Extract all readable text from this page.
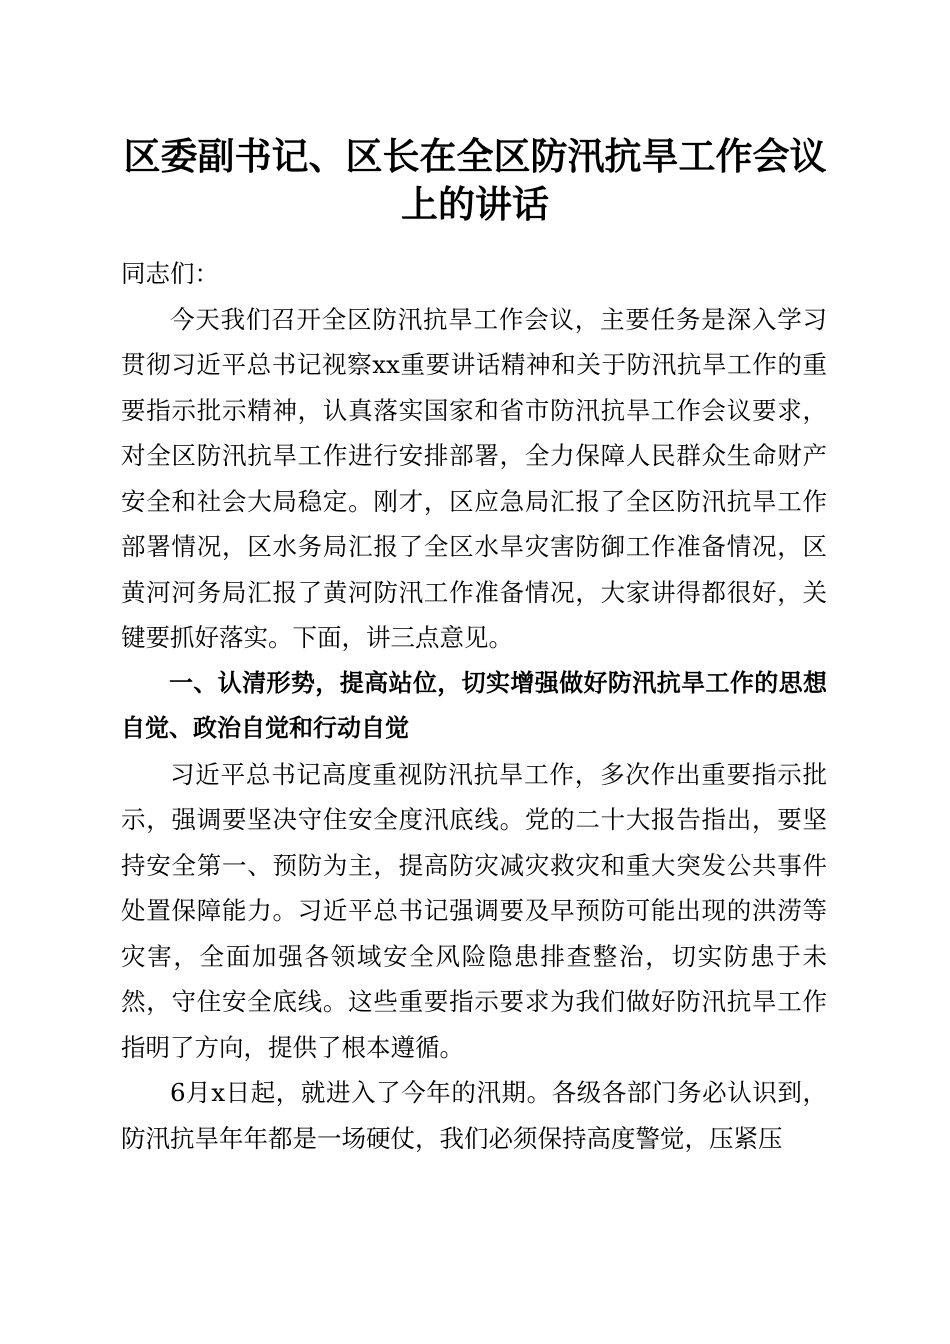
区委副书记、区长在全区防汛抗旱工作会议上的讲话

同志们：

今天我们召开全区防汛抗旱工作会议，主要任务是深入学习贯彻习近平总书记视察xx重要讲话精神和关于防汛抗旱工作的重要指示批示精神，认真落实国家和省市防汛抗旱工作会议要求，对全区防汛抗旱工作进行安排部署，全力保障人民群众生命财产安全和社会大局稳定。刚才，区应急局汇报了全区防汛抗旱工作部署情况，区水务局汇报了全区水旱灾害防御工作准备情况，区黄河河务局汇报了黄河防汛工作准备情况，大家讲得都很好，关键要抓好落实。下面，讲三点意见。

一、认清形势，提高站位，切实增强做好防汛抗旱工作的思想自觉、政治自觉和行动自觉

习近平总书记高度重视防汛抗旱工作，多次作出重要指示批示，强调要坚决守住安全度汛底线。党的二十大报告指出，要坚持安全第一、预防为主，提高防灾减灾救灾和重大突发公共事件处置保障能力。习近平总书记强调要及早预防可能出现的洪涝等灾害，全面加强各领域安全风险隐患排查整治，切实防患于未然，守住安全底线。这些重要指示要求为我们做好防汛抗旱工作指明了方向，提供了根本遵循。

6月x日起，就进入了今年的汛期。各级各部门务必认识到，防汛抗旱年年都是一场硬仗，我们必须保持高度警觉，压紧压
